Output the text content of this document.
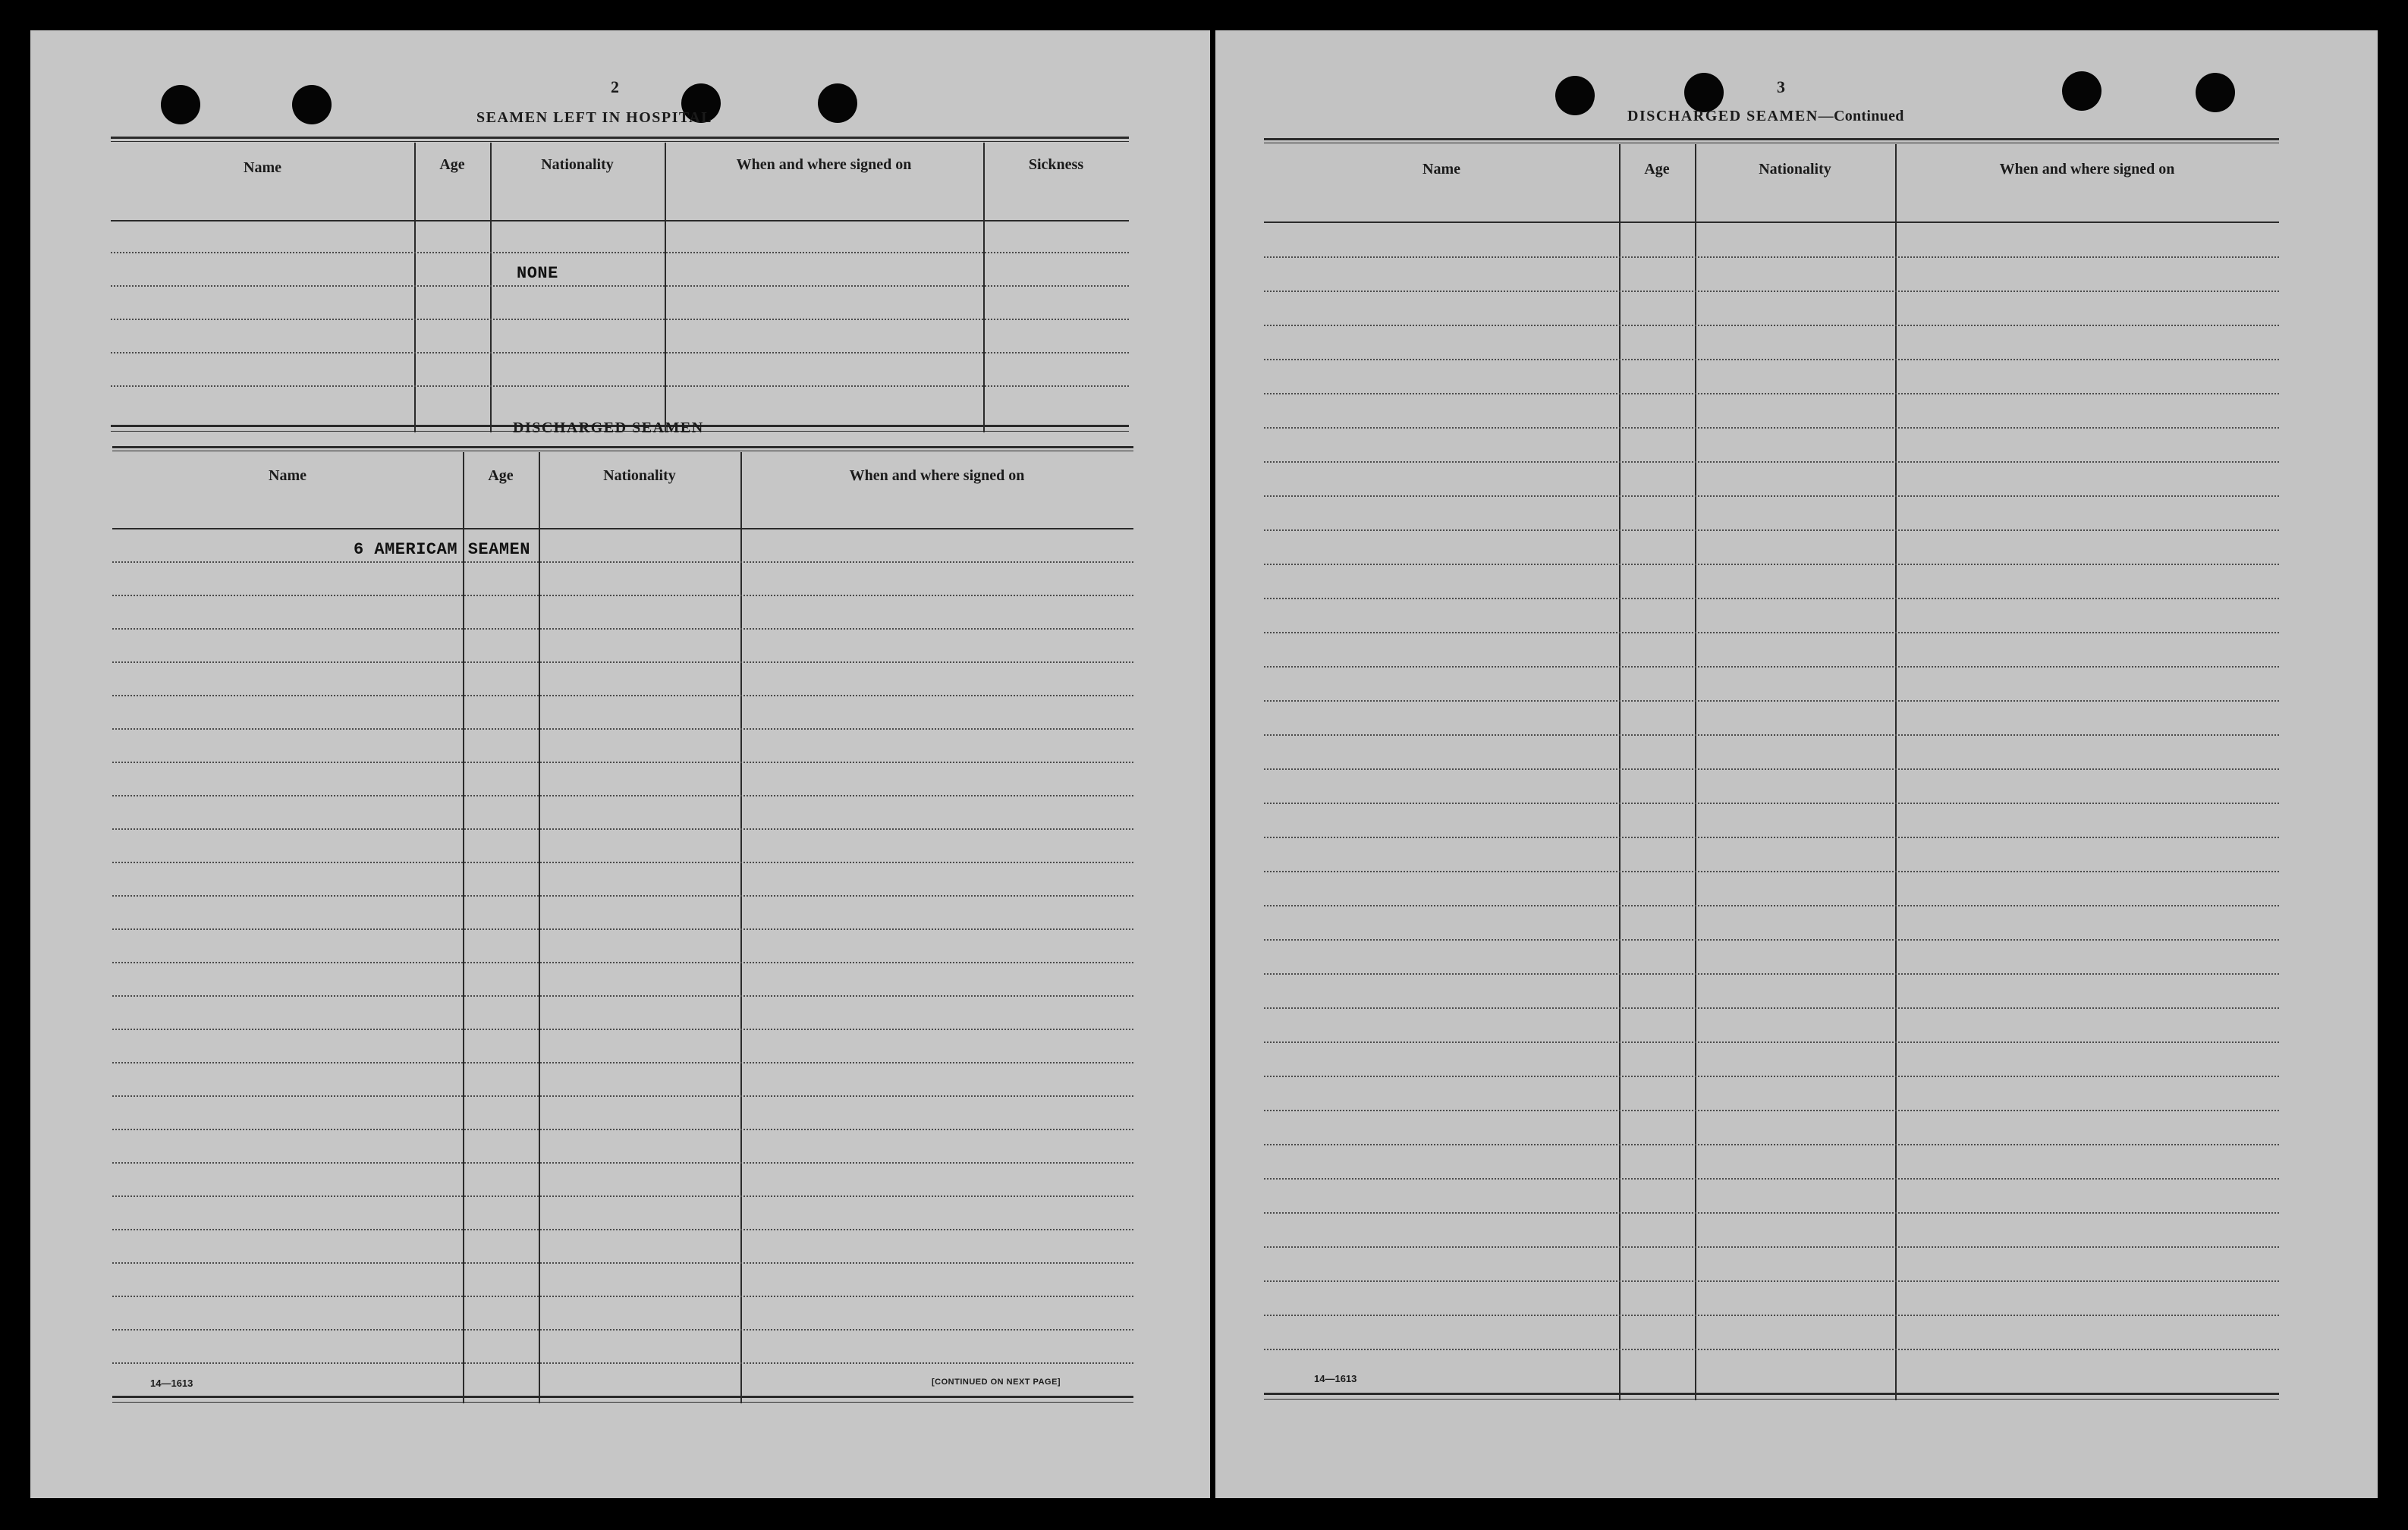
2
SEAMEN LEFT IN HOSPITAL
Name	Age	Nationality	When and where signed on	Sickness
NONE
DISCHARGED SEAMEN
Name	Age	Nationality	When and where signed on
6 AMERICAM SEAMEN
14—1613	[CONTINUED ON NEXT PAGE]
3
DISCHARGED SEAMEN—Continued
Name	Age	Nationality	When and where signed on
14—1613
